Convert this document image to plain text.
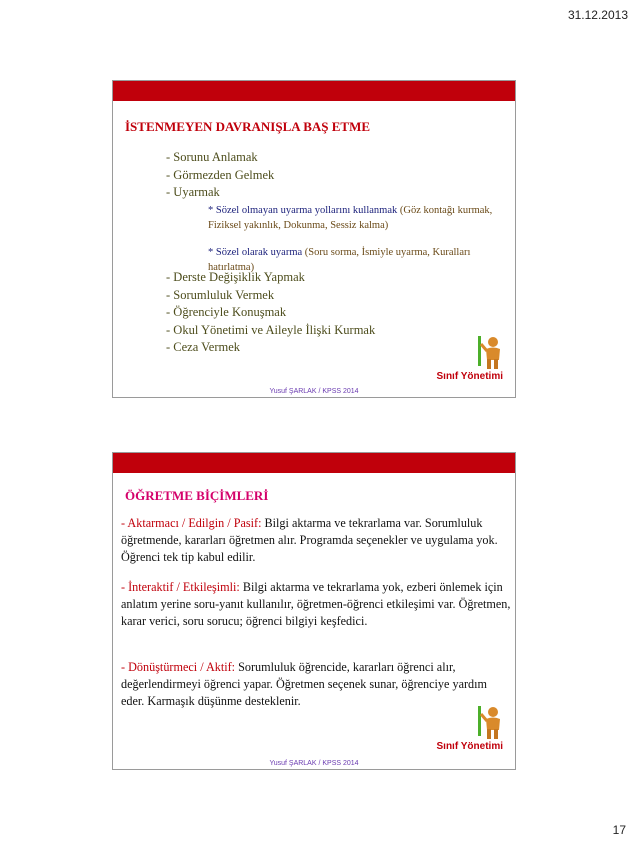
31.12.2013
İSTENMEYEN DAVRANIŞLA BAŞ ETME
- Sorunu Anlamak
- Görmezden Gelmek
- Uyarmak
* Sözel olmayan uyarma yollarını kullanmak (Göz kontağı kurmak, Fiziksel yakınlık, Dokunma, Sessiz kalma)
* Sözel olarak uyarma (Soru sorma, İsmiyle uyarma, Kuralları hatırlatma)
- Derste Değişiklik Yapmak
- Sorumluluk Vermek
- Öğrenciyle Konuşmak
- Okul Yönetimi ve Aileyle İlişki Kurmak
- Ceza Vermek
Sınıf Yönetimi
Yusuf ŞARLAK / KPSS 2014
ÖĞRETME BİÇİMLERİ
- Aktarmacı / Edilgin / Pasif: Bilgi aktarma ve tekrarlama var. Sorumluluk öğretmende, kararları öğretmen alır. Programda seçenekler ve uygulama yok. Öğrenci tek tip kabul edilir.
- İnteraktif / Etkileşimli: Bilgi aktarma ve tekrarlama yok, ezberi önlemek için anlatım yerine soru-yanıt kullanılır, öğretmen-öğrenci etkileşimi var. Öğretmen, karar verici, soru sorucu; öğrenci bilgiyi keşfedici.
- Dönüştürmeci / Aktif: Sorumluluk öğrencide, kararları öğrenci alır, değerlendirmeyi öğrenci yapar. Öğretmen seçenek sunar, öğrenciye yardım eder. Karmaşık düşünme desteklenir.
Sınıf Yönetimi
Yusuf ŞARLAK / KPSS 2014
17
